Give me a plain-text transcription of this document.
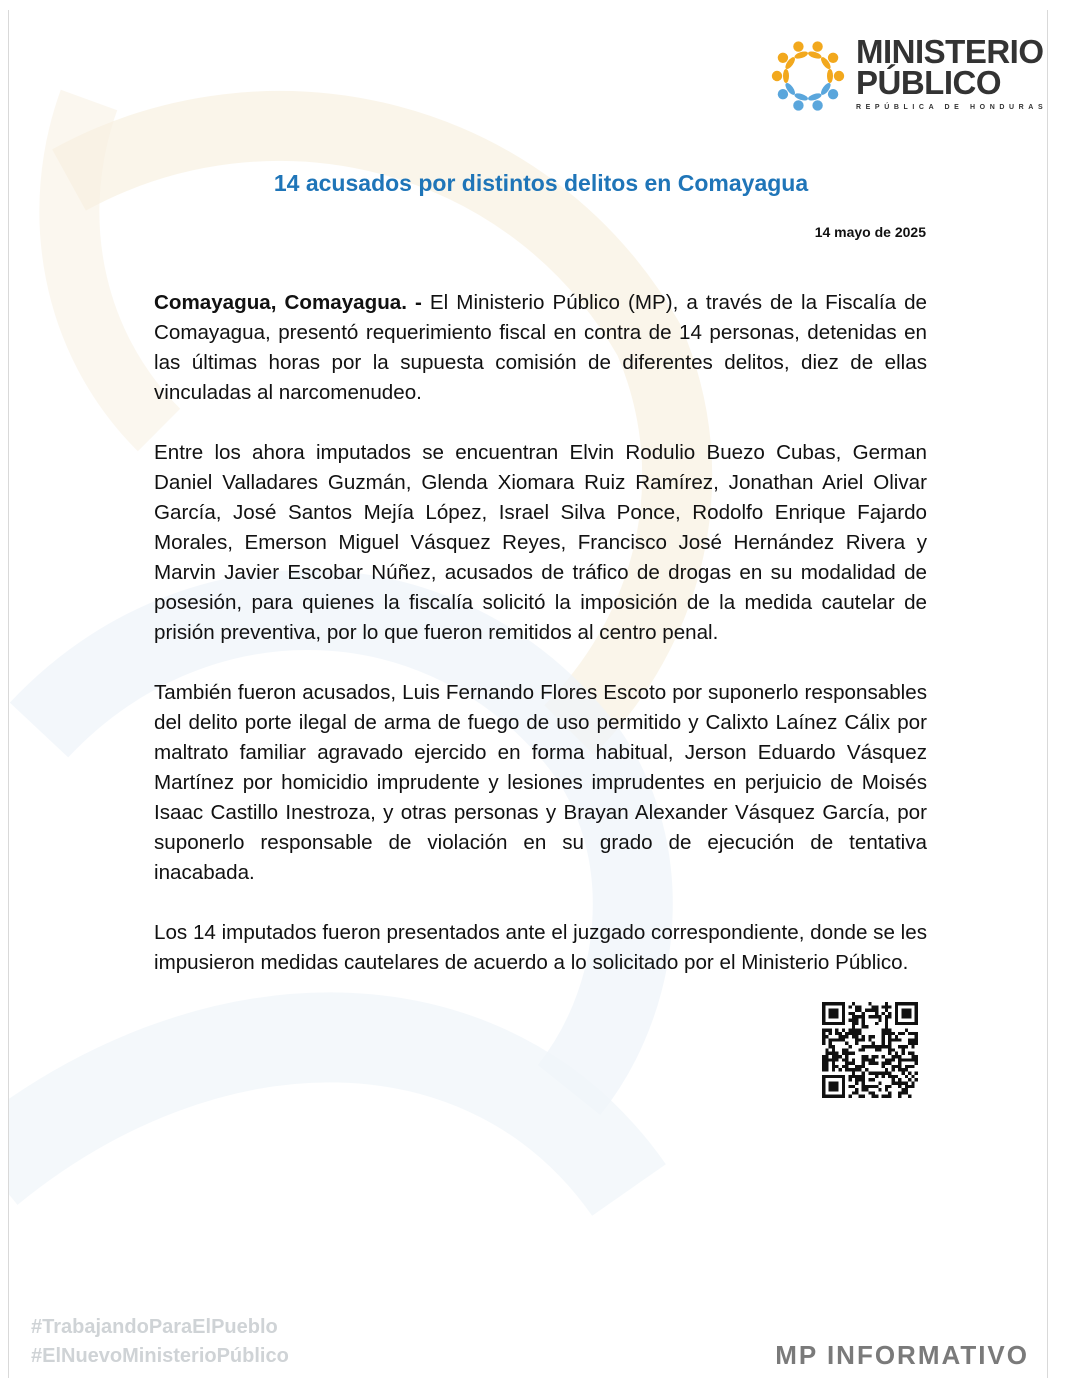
MINISTERIO
PÚBLICO
REPÚBLICA DE HONDURAS
14 acusados por distintos delitos en Comayagua
14 mayo de 2025

Comayagua, Comayagua. - El Ministerio Público (MP), a través de la Fiscalía de Comayagua, presentó requerimiento fiscal en contra de 14 personas, detenidas en las últimas horas por la supuesta comisión de diferentes delitos, diez de ellas vinculadas al narcomenudeo.

Entre los ahora imputados se encuentran Elvin Rodulio Buezo Cubas, German Daniel Valladares Guzmán, Glenda Xiomara Ruiz Ramírez, Jonathan Ariel Olivar García, José Santos Mejía López, Israel Silva Ponce, Rodolfo Enrique Fajardo Morales, Emerson Miguel Vásquez Reyes, Francisco José Hernández Rivera y Marvin Javier Escobar Núñez, acusados de tráfico de drogas en su modalidad de posesión, para quienes la fiscalía solicitó la imposición de la medida cautelar de prisión preventiva, por lo que fueron remitidos al centro penal.

También fueron acusados, Luis Fernando Flores Escoto por suponerlo responsables del delito porte ilegal de arma de fuego de uso permitido y Calixto Laínez Cálix por maltrato familiar agravado ejercido en forma habitual, Jerson Eduardo Vásquez Martínez por homicidio imprudente y lesiones imprudentes en perjuicio de Moisés Isaac Castillo Inestroza, y otras personas y Brayan Alexander Vásquez García, por suponerlo responsable de violación en su grado de ejecución de tentativa inacabada.

Los 14 imputados fueron presentados ante el juzgado correspondiente, donde se les impusieron medidas cautelares de acuerdo a lo solicitado por el Ministerio Público.

#TrabajandoParaElPueblo
#ElNuevoMinisterioPúblico	MP INFORMATIVO
